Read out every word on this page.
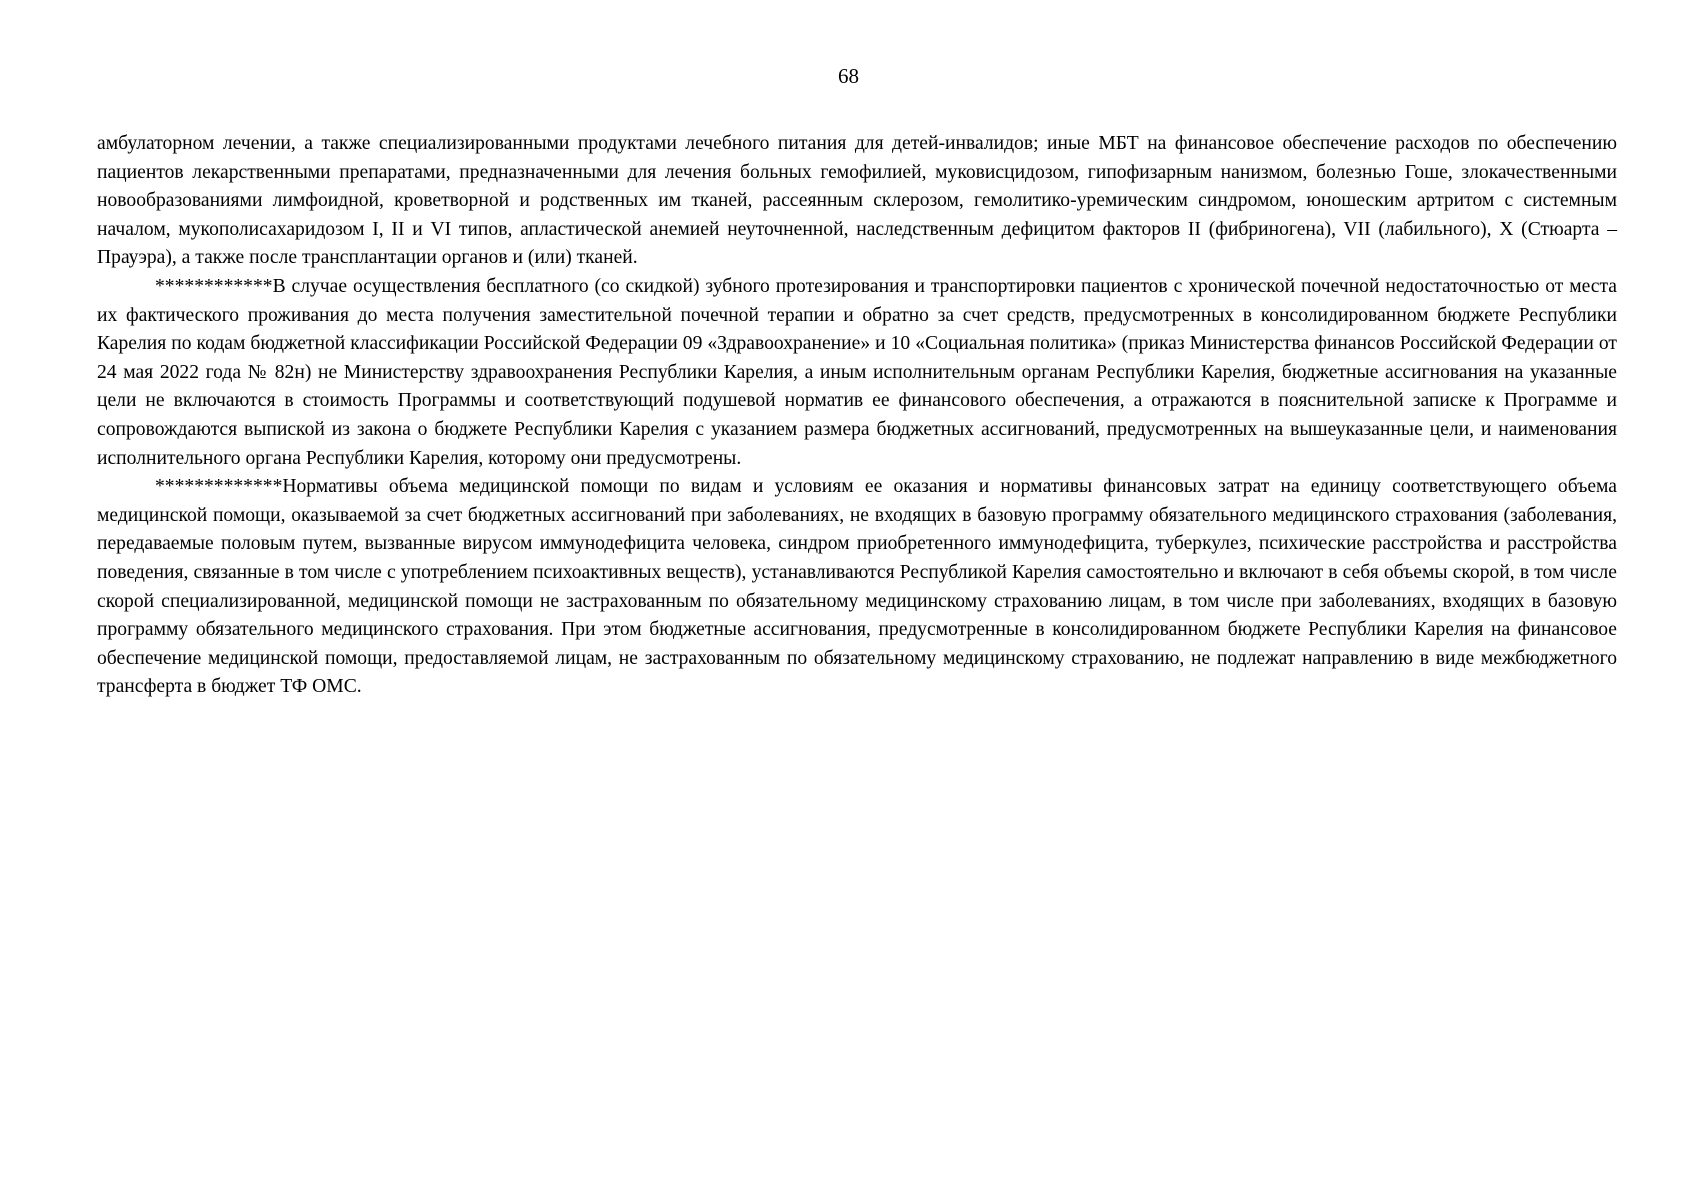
68

амбулаторном лечении, а также специализированными продуктами лечебного питания для детей-инвалидов; иные МБТ на финансовое обеспечение расходов по обеспечению пациентов лекарственными препаратами, предназначенными для лечения больных гемофилией, муковисцидозом, гипофизарным нанизмом, болезнью Гоше, злокачественными новообразованиями лимфоидной, кроветворной и родственных им тканей, рассеянным склерозом, гемолитико-уремическим синдромом, юношеским артритом с системным началом, мукополисахаридозом I, II и VI типов, апластической анемией неуточненной, наследственным дефицитом факторов II (фибриногена), VII (лабильного), X (Стюарта – Прауэра), а также после трансплантации органов и (или) тканей.

************В случае осуществления бесплатного (со скидкой) зубного протезирования и транспортировки пациентов с хронической почечной недостаточностью от места их фактического проживания до места получения заместительной почечной терапии и обратно за счет средств, предусмотренных в консолидированном бюджете Республики Карелия по кодам бюджетной классификации Российской Федерации 09 «Здравоохранение» и 10 «Социальная политика» (приказ Министерства финансов Российской Федерации от 24 мая 2022 года № 82н) не Министерству здравоохранения Республики Карелия, а иным исполнительным органам Республики Карелия, бюджетные ассигнования на указанные цели не включаются в стоимость Программы и соответствующий подушевой норматив ее финансового обеспечения, а отражаются в пояснительной записке к Программе и сопровождаются выпиской из закона о бюджете Республики Карелия с указанием размера бюджетных ассигнований, предусмотренных на вышеуказанные цели, и наименования исполнительного органа Республики Карелия, которому они предусмотрены.

*************Нормативы объема медицинской помощи по видам и условиям ее оказания и нормативы финансовых затрат на единицу соответствующего объема медицинской помощи, оказываемой за счет бюджетных ассигнований при заболеваниях, не входящих в базовую программу обязательного медицинского страхования (заболевания, передаваемые половым путем, вызванные вирусом иммунодефицита человека, синдром приобретенного иммунодефицита, туберкулез, психические расстройства и расстройства поведения, связанные в том числе с употреблением психоактивных веществ), устанавливаются Республикой Карелия самостоятельно и включают в себя объемы скорой, в том числе скорой специализированной, медицинской помощи не застрахованным по обязательному медицинскому страхованию лицам, в том числе при заболеваниях, входящих в базовую программу обязательного медицинского страхования. При этом бюджетные ассигнования, предусмотренные в консолидированном бюджете Республики Карелия на финансовое обеспечение медицинской помощи, предоставляемой лицам, не застрахованным по обязательному медицинскому страхованию, не подлежат направлению в виде межбюджетного трансферта в бюджет ТФ ОМС.
